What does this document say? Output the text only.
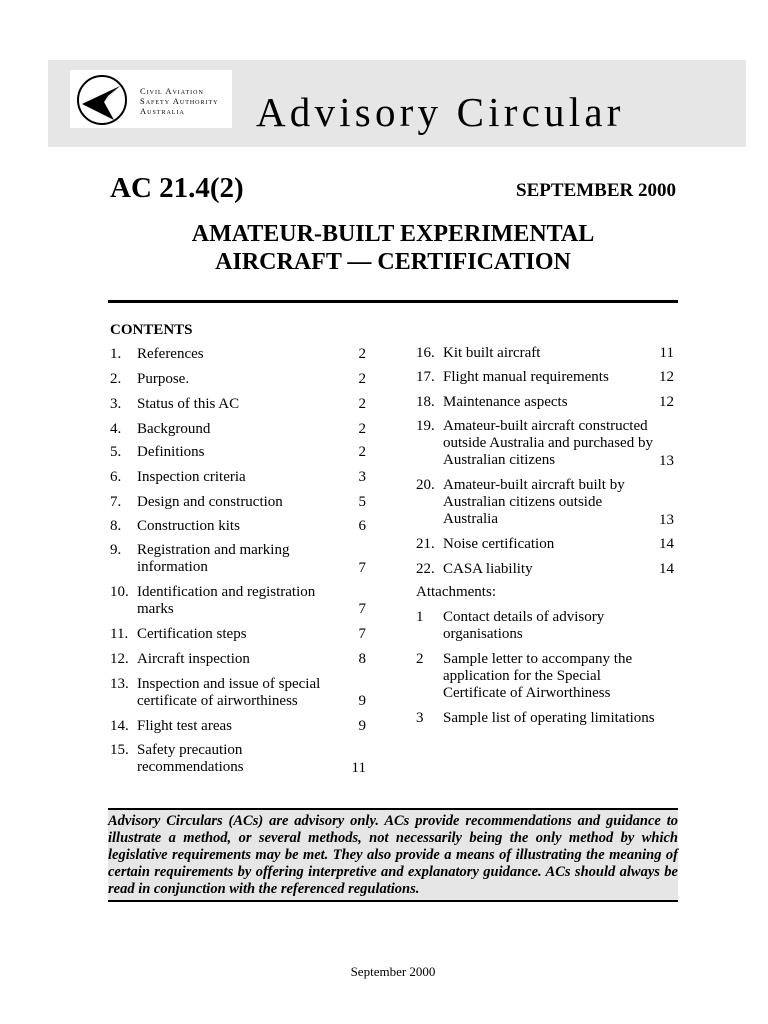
Civil Aviation
Safety Authority
Australia	Advisory Circular
AC 21.4(2)	SEPTEMBER 2000
AMATEUR-BUILT EXPERIMENTAL
AIRCRAFT — CERTIFICATION
CONTENTS
1. References	2
2. Purpose.	2
3. Status of this AC	2
4. Background	2
5. Definitions	2
6. Inspection criteria	3
7. Design and construction	5
8. Construction kits	6
9. Registration and marking information	7
10. Identification and registration marks	7
11. Certification steps	7
12. Aircraft inspection	8
13. Inspection and issue of special certificate of airworthiness	9
14. Flight test areas	9
15. Safety precaution recommendations	11
16. Kit built aircraft	11
17. Flight manual requirements	12
18. Maintenance aspects	12
19. Amateur-built aircraft constructed outside Australia and purchased by Australian citizens	13
20. Amateur-built aircraft built by Australian citizens outside Australia	13
21. Noise certification	14
22. CASA liability	14
Attachments:
1 Contact details of advisory organisations
2 Sample letter to accompany the application for the Special Certificate of Airworthiness
3 Sample list of operating limitations
Advisory Circulars (ACs) are advisory only. ACs provide recommendations and guidance to illustrate a method, or several methods, not necessarily being the only method by which legislative requirements may be met. They also provide a means of illustrating the meaning of certain requirements by offering interpretive and explanatory guidance. ACs should always be read in conjunction with the referenced regulations.
September 2000
